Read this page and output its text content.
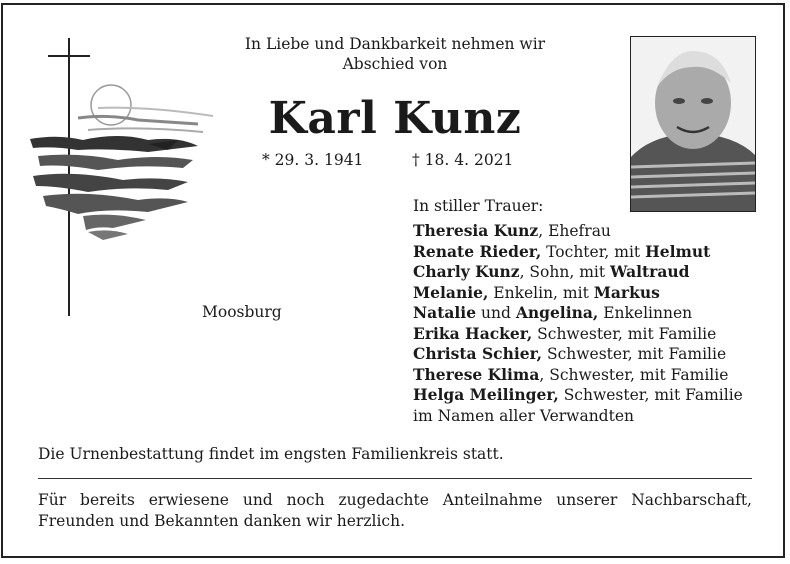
In Liebe und Dankbarkeit nehmen wir
Abschied von
Karl Kunz
* 29. 3. 1941	† 18. 4. 2021
Moosburg
In stiller Trauer:
Theresia Kunz, Ehefrau
Renate Rieder, Tochter, mit Helmut
Charly Kunz, Sohn, mit Waltraud
Melanie, Enkelin, mit Markus
Natalie und Angelina, Enkelinnen
Erika Hacker, Schwester, mit Familie
Christa Schier, Schwester, mit Familie
Therese Klima, Schwester, mit Familie
Helga Meilinger, Schwester, mit Familie
im Namen aller Verwandten
Die Urnenbestattung findet im engsten Familienkreis statt.
Für bereits erwiesene und noch zugedachte Anteilnahme unserer Nachbarschaft, Freunden und Bekannten danken wir herzlich.
